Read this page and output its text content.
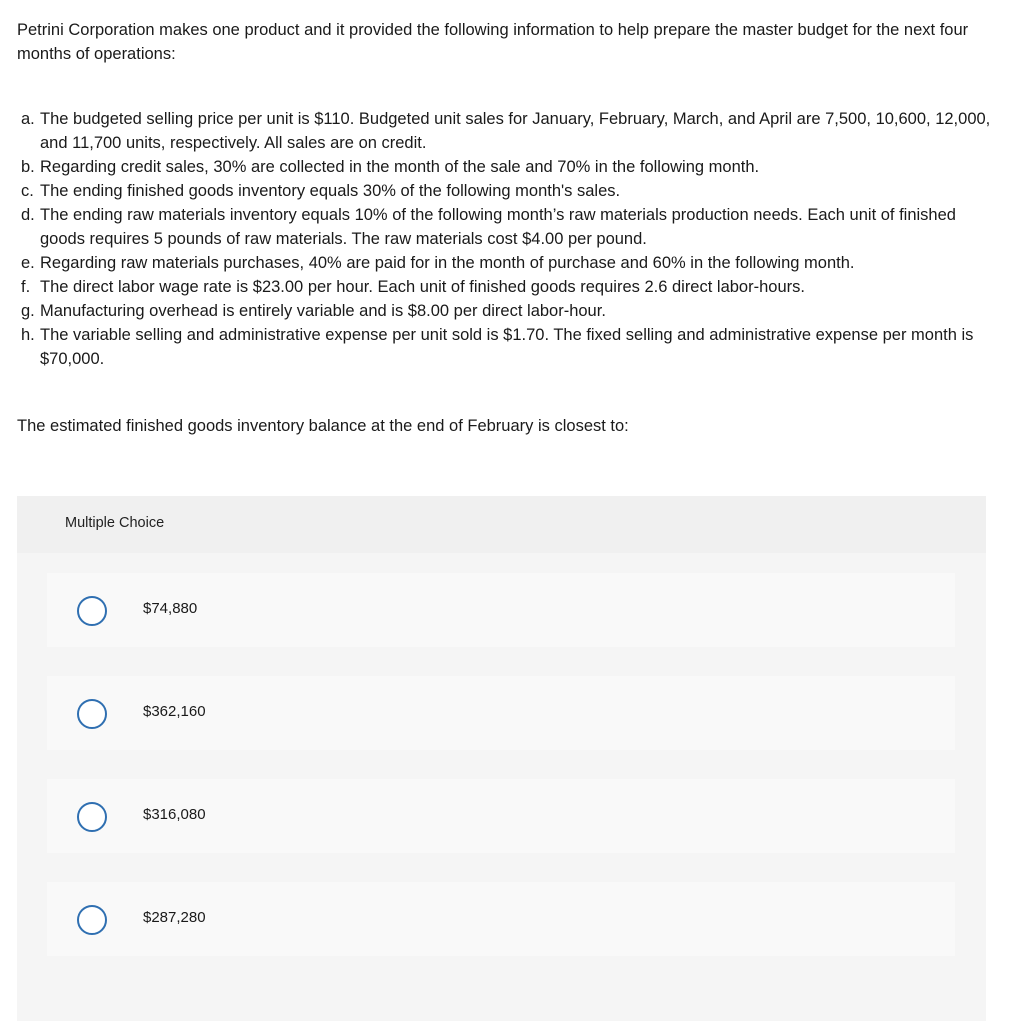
Petrini Corporation makes one product and it provided the following information to help prepare the master budget for the next four months of operations:

a. The budgeted selling price per unit is $110. Budgeted unit sales for January, February, March, and April are 7,500, 10,600, 12,000, and 11,700 units, respectively. All sales are on credit.
b. Regarding credit sales, 30% are collected in the month of the sale and 70% in the following month.
c. The ending finished goods inventory equals 30% of the following month's sales.
d. The ending raw materials inventory equals 10% of the following month’s raw materials production needs. Each unit of finished goods requires 5 pounds of raw materials. The raw materials cost $4.00 per pound.
e. Regarding raw materials purchases, 40% are paid for in the month of purchase and 60% in the following month.
f. The direct labor wage rate is $23.00 per hour. Each unit of finished goods requires 2.6 direct labor-hours.
g. Manufacturing overhead is entirely variable and is $8.00 per direct labor-hour.
h. The variable selling and administrative expense per unit sold is $1.70. The fixed selling and administrative expense per month is $70,000.

The estimated finished goods inventory balance at the end of February is closest to:

Multiple Choice
$74,880
$362,160
$316,080
$287,280
